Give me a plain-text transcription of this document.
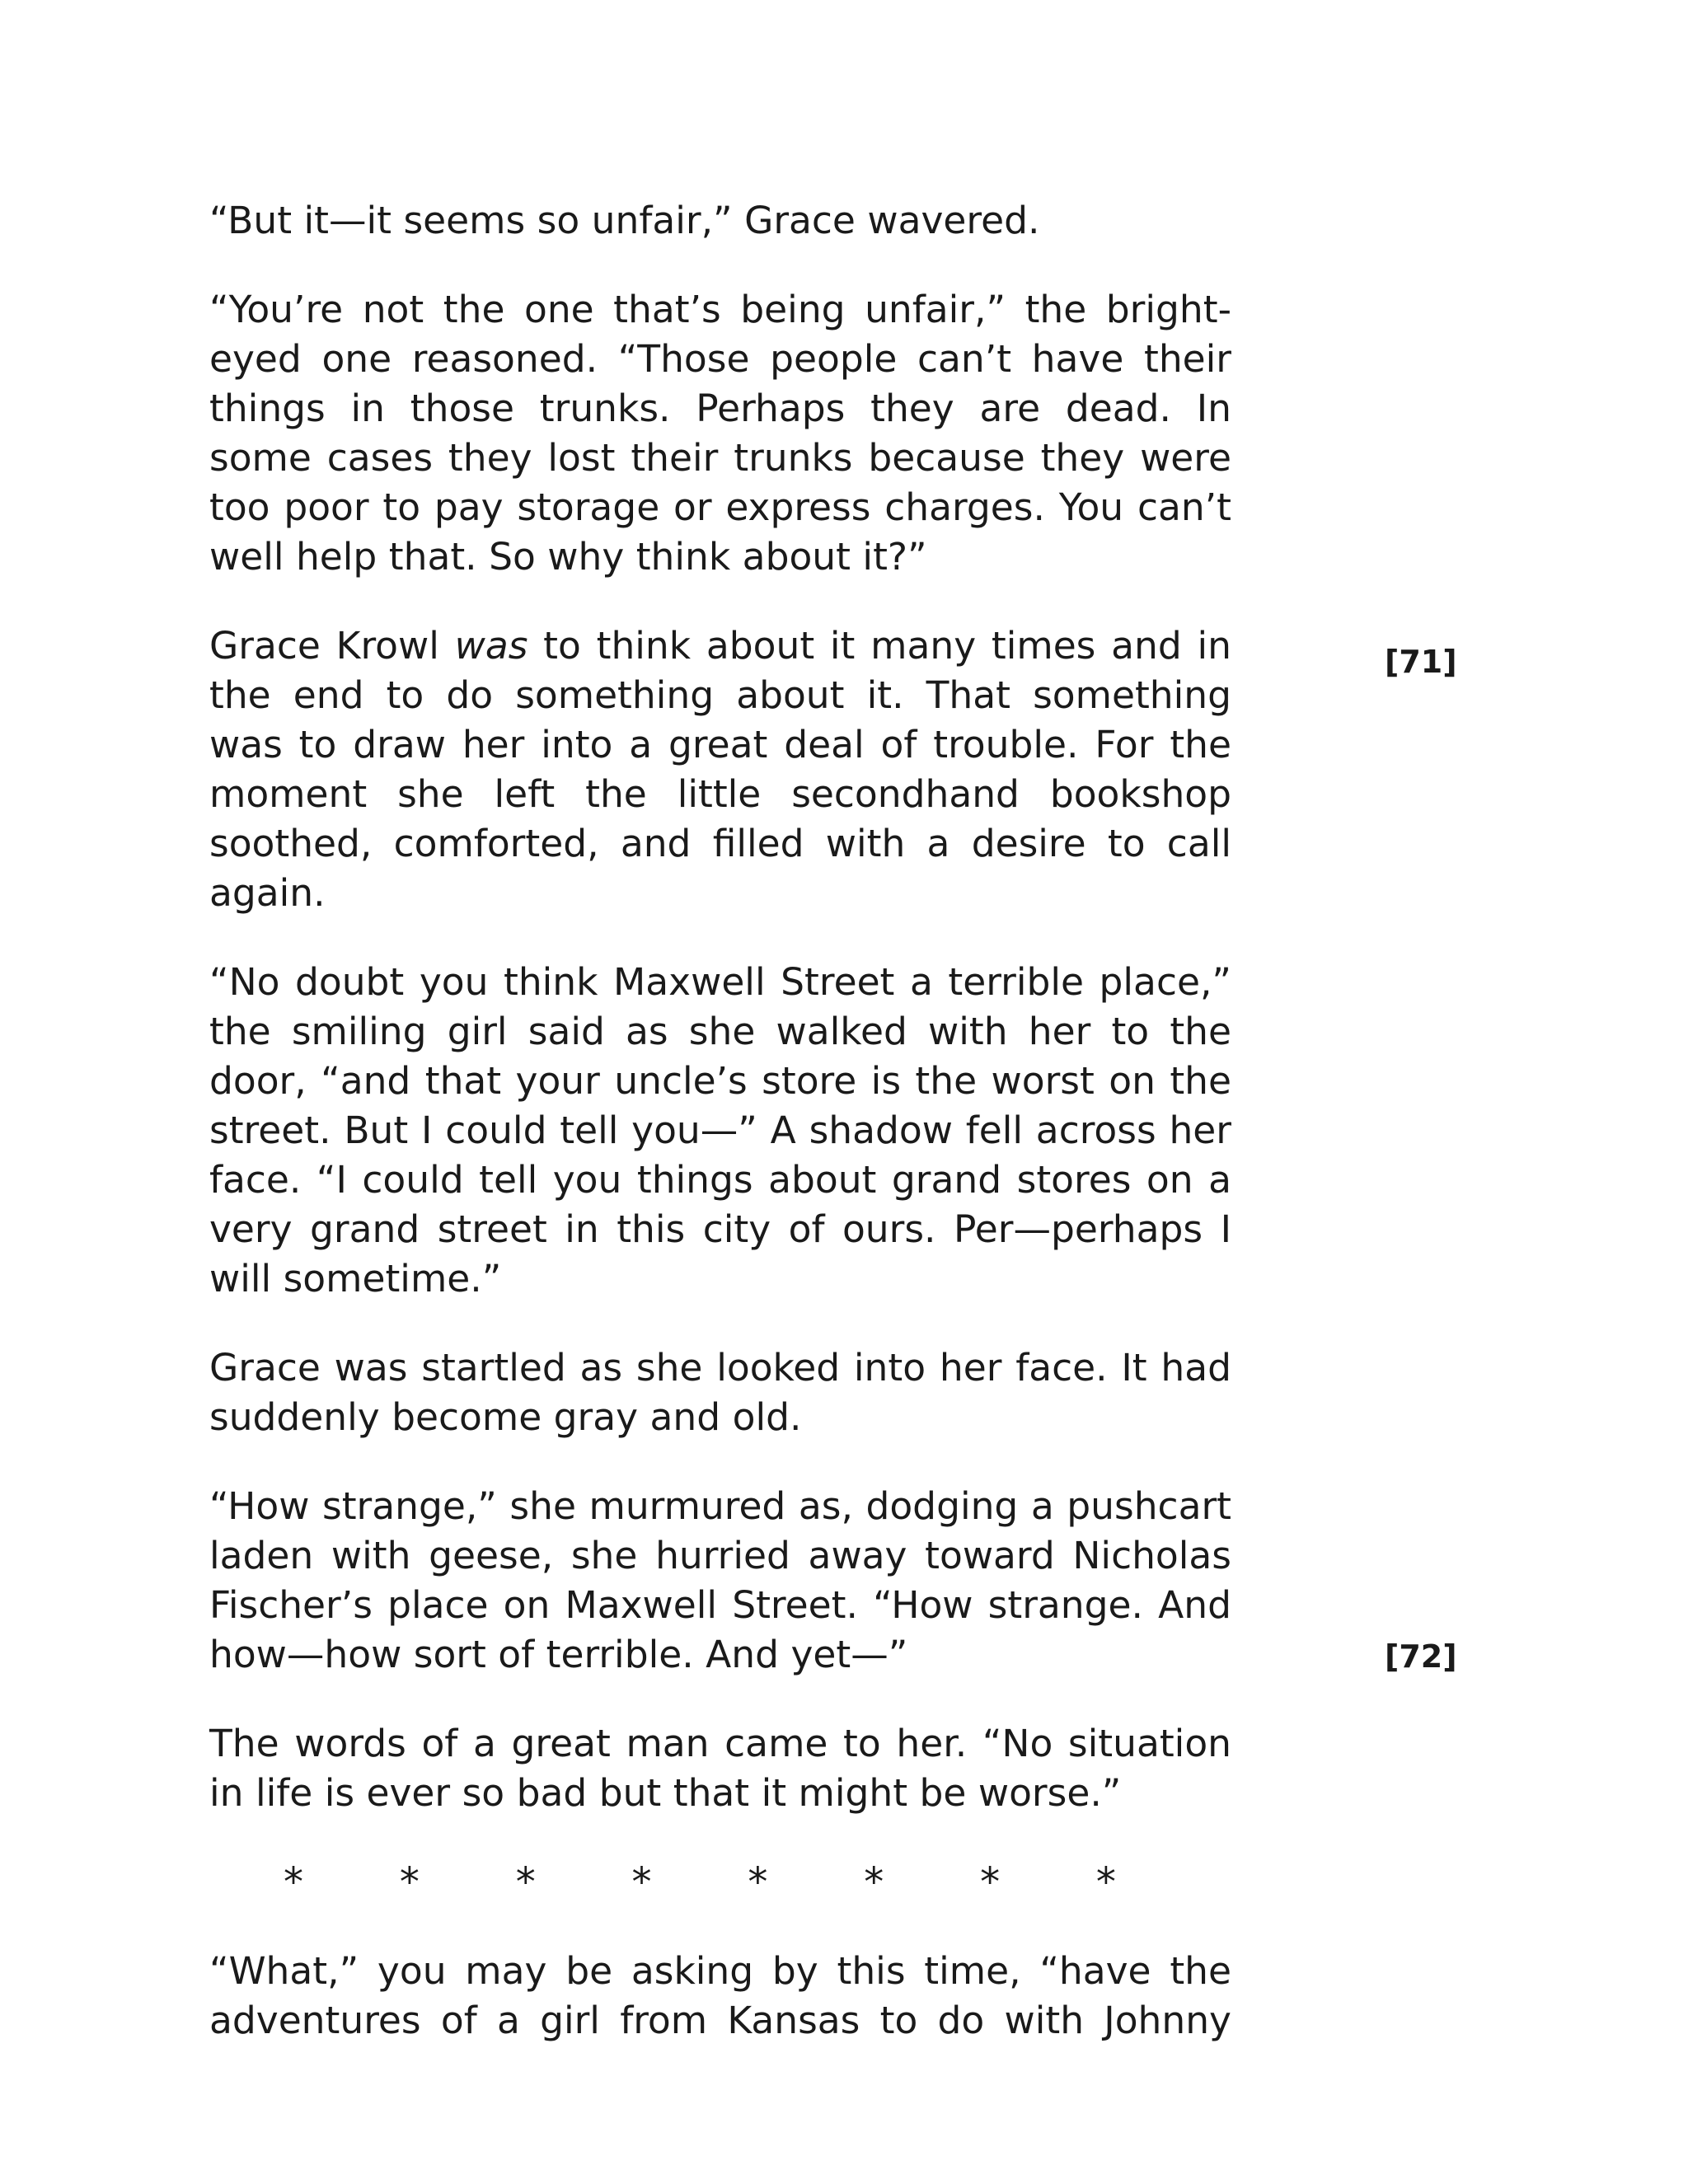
“But it—it seems so unfair,” Grace wavered.

“You’re not the one that’s being unfair,” the bright-eyed one reasoned. “Those people can’t have their things in those trunks. Perhaps they are dead. In some cases they lost their trunks because they were too poor to pay storage or express charges. You can’t well help that. So why think about it?”

Grace Krowl was to think about it many times and in the end to do something about it. That something was to draw her into a great deal of trouble. For the moment she left the little secondhand bookshop soothed, comforted, and filled with a desire to call again.

“No doubt you think Maxwell Street a terrible place,” the smiling girl said as she walked with her to the door, “and that your uncle’s store is the worst on the street. But I could tell you—” A shadow fell across her face. “I could tell you things about grand stores on a very grand street in this city of ours. Per—perhaps I will sometime.”

Grace was startled as she looked into her face. It had suddenly become gray and old.

“How strange,” she murmured as, dodging a pushcart laden with geese, she hurried away toward Nicholas Fischer’s place on Maxwell Street. “How strange. And how—how sort of terrible. And yet—”

The words of a great man came to her. “No situation in life is ever so bad but that it might be worse.”

* * * * * * * *

“What,” you may be asking by this time, “have the adventures of a girl from Kansas to do with Johnny

[71]
[72]
